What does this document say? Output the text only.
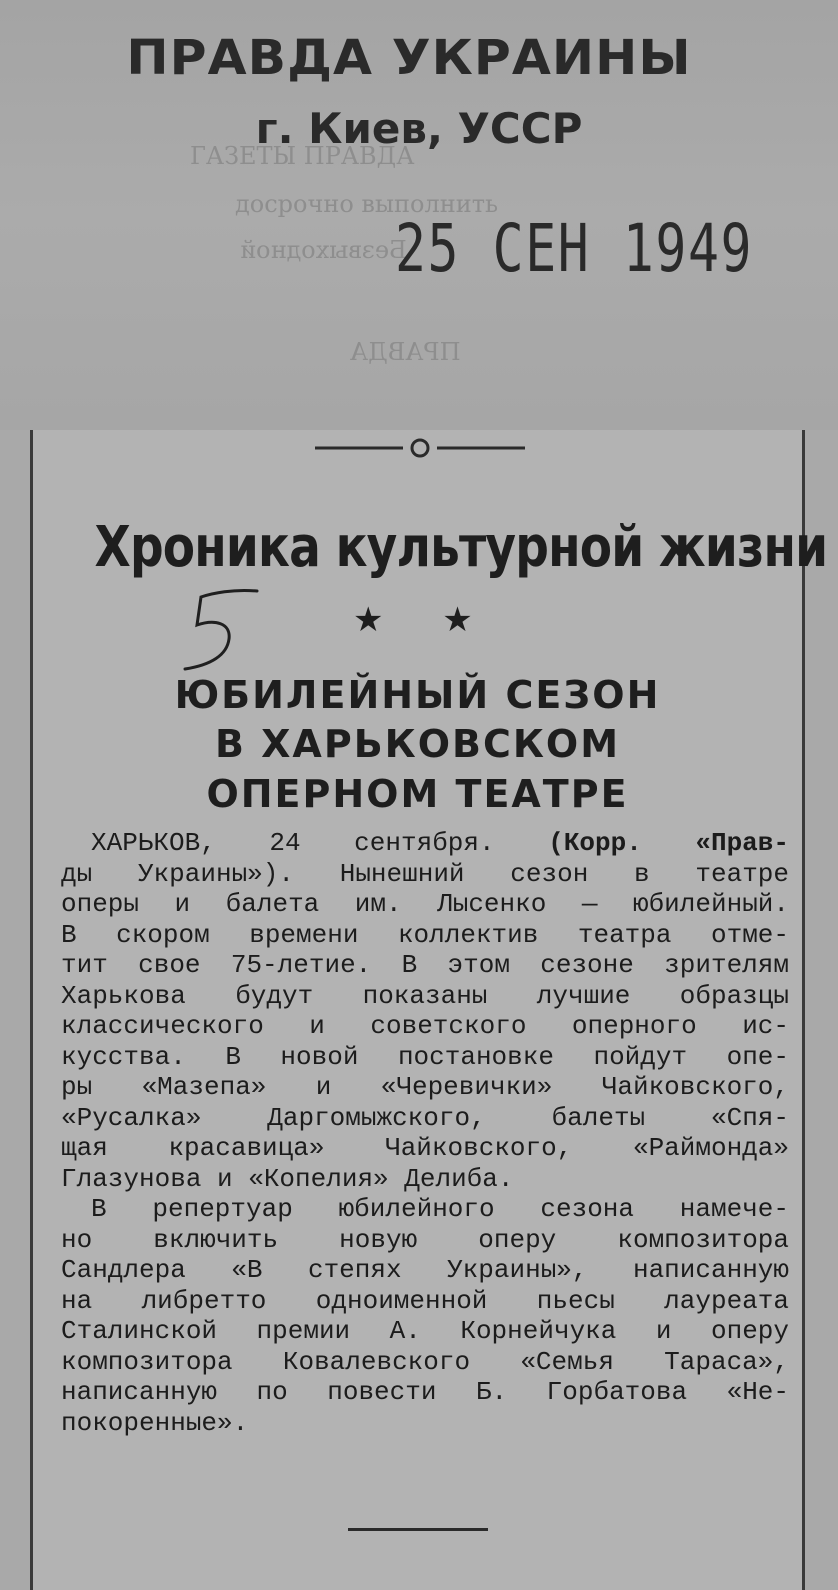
ГАЗЕТЫ ПРАВДА
досрочно выполнить
Безвыходной
ПРАВДА
ПРАВДА УКРАИНЫ
г. Киев, УССР
25 СЕН 1949
Хроника культурной жизни
★ ★
ЮБИЛЕЙНЫЙ СЕЗОН
В ХАРЬКОВСКОМ
ОПЕРНОМ ТЕАТРЕ
ХАРЬКОВ, 24 сентября. (Корр. «Прав-
ды Украины»). Нынешний сезон в театре
оперы и балета им. Лысенко — юбилейный.
В скором времени коллектив театра отме-
тит свое 75-летие. В этом сезоне зрителям
Харькова будут показаны лучшие образцы
классического и советского оперного ис-
кусства. В новой постановке пойдут опе-
ры «Мазепа» и «Черевички» Чайковского,
«Русалка» Даргомыжского, балеты «Спя-
щая красавица» Чайковского, «Раймонда»
Глазунова и «Копелия» Делиба.
В репертуар юбилейного сезона намече-
но включить новую оперу композитора
Сандлера «В степях Украины», написанную
на либретто одноименной пьесы лауреата
Сталинской премии А. Корнейчука и оперу
композитора Ковалевского «Семья Тараса»,
написанную по повести Б. Горбатова «Не-
покоренные».
